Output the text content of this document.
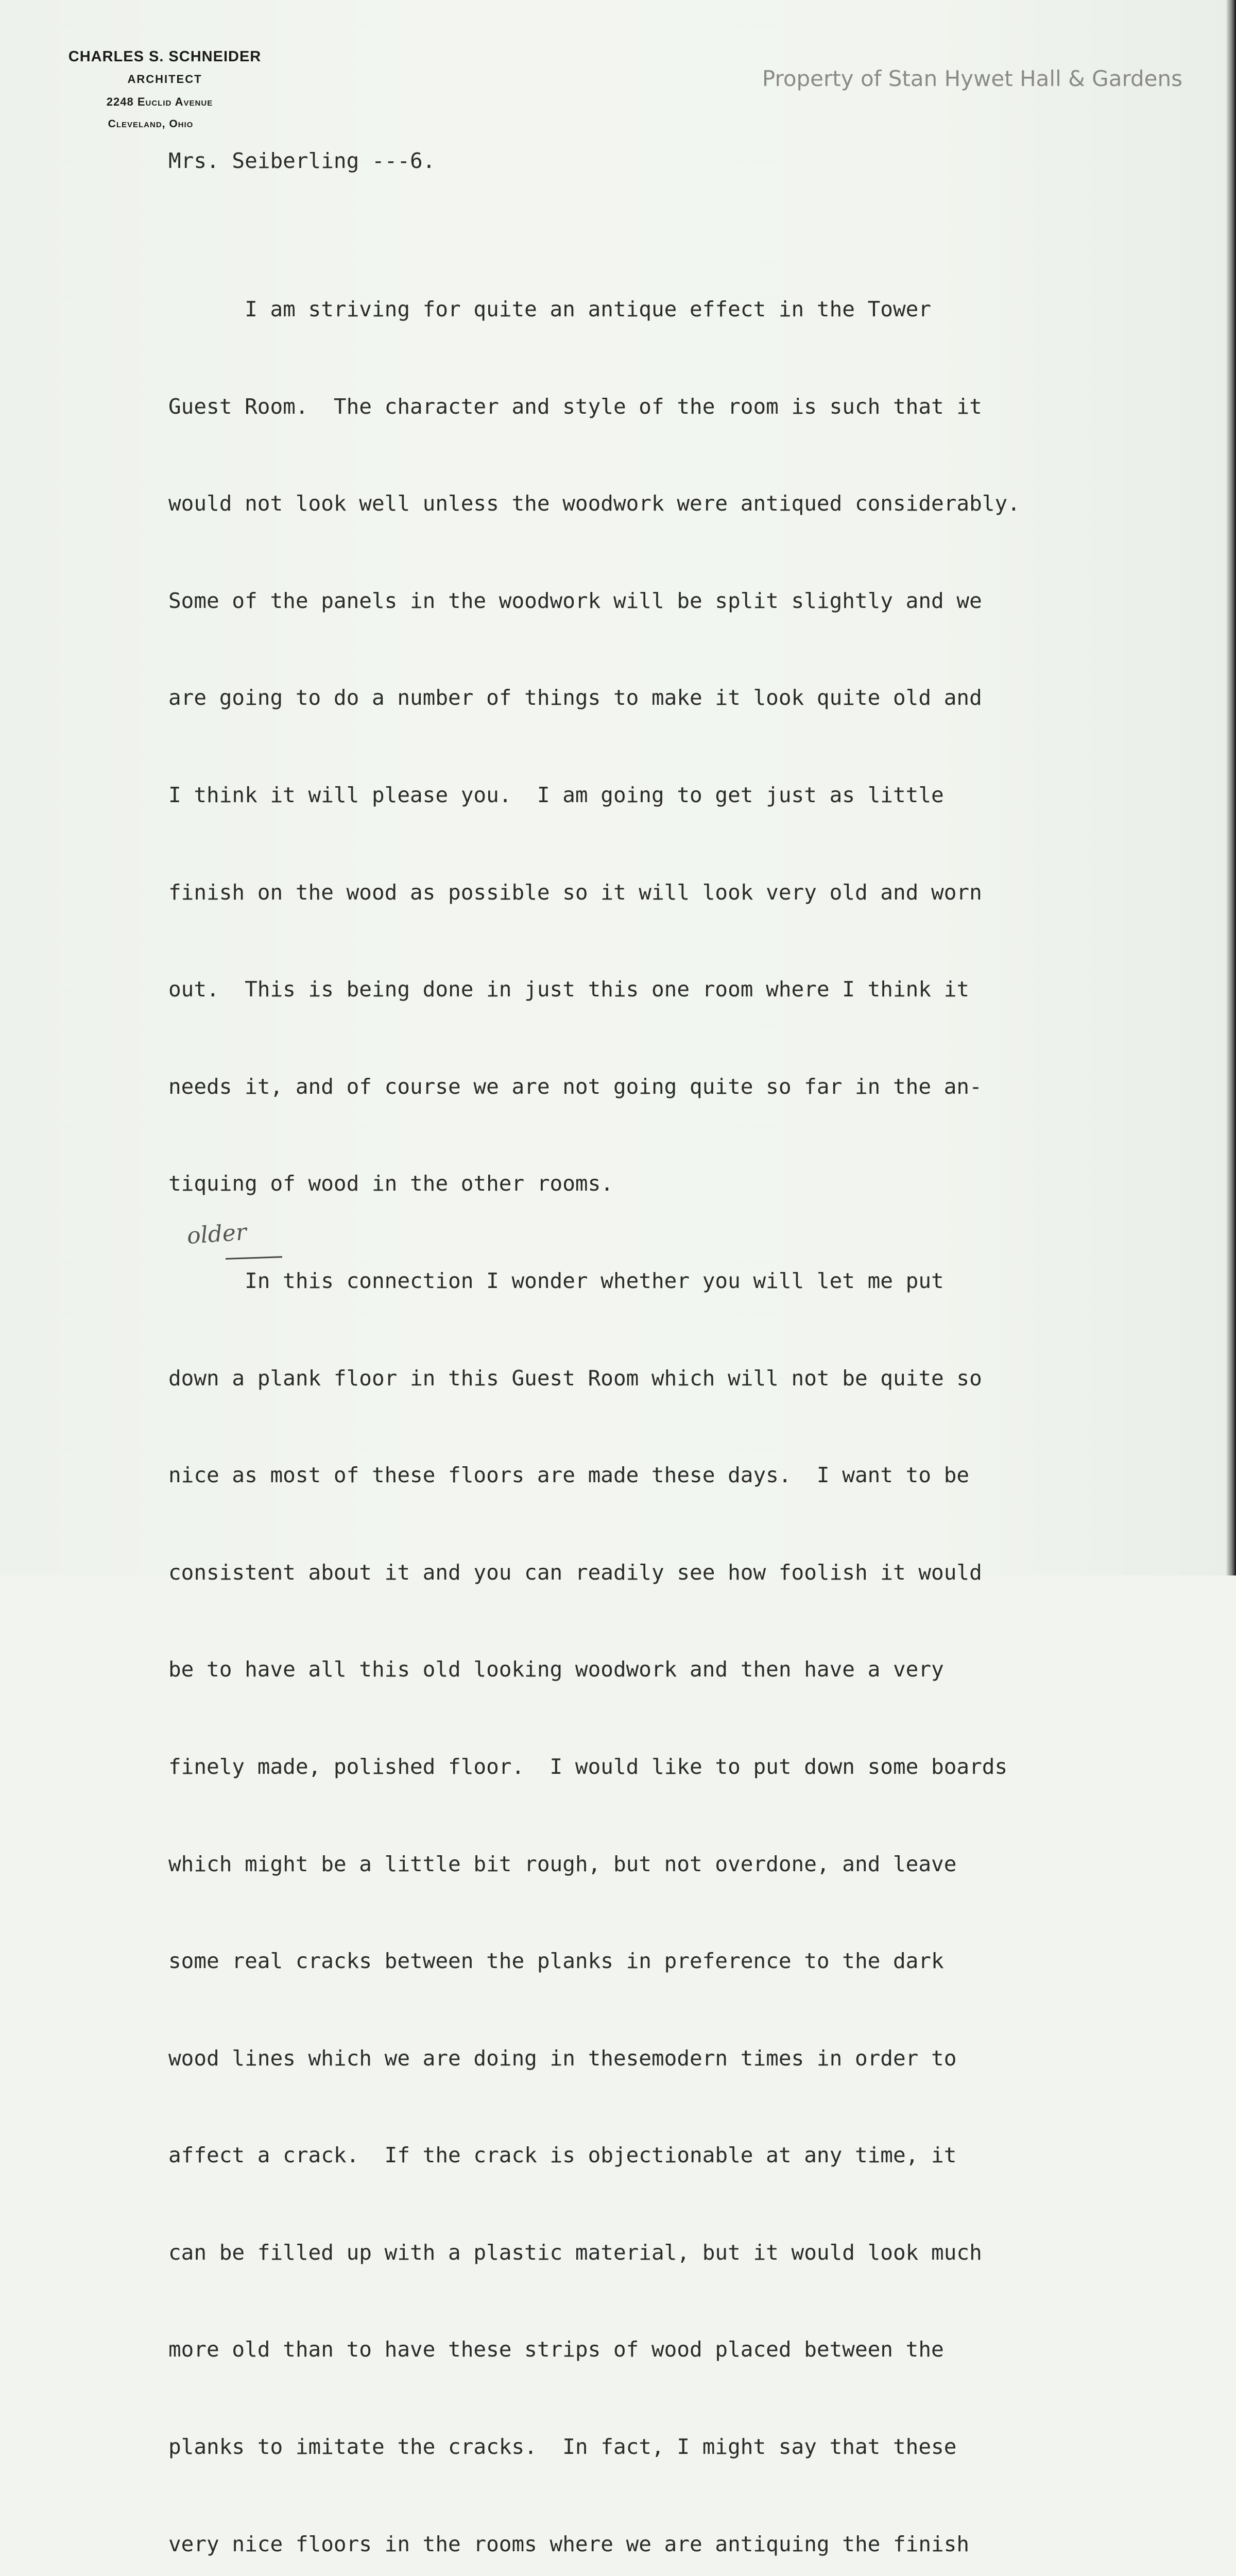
CHARLES S. SCHNEIDER
ARCHITECT
2248 Euclid Avenue
Cleveland, Ohio
Property of Stan Hywet Hall & Gardens
Mrs. Seiberling ---6.

I am striving for quite an antique effect in the Tower

Guest Room.  The character and style of the room is such that it

would not look well unless the woodwork were antiqued considerably.

Some of the panels in the woodwork will be split slightly and we

are going to do a number of things to make it look quite old and

I think it will please you.  I am going to get just as little

finish on the wood as possible so it will look very old and worn

out.  This is being done in just this one room where I think it

needs it, and of course we are not going quite so far in the an-

tiquing of wood in the other rooms.

In this connection I wonder whether you will let me put

down a plank floor in this Guest Room which will not be quite so

nice as most of these floors are made these days.  I want to be

consistent about it and you can readily see how foolish it would

be to have all this old looking woodwork and then have a very

finely made, polished floor.  I would like to put down some boards

which might be a little bit rough, but not overdone, and leave

some real cracks between the planks in preference to the dark

wood lines which we are doing in thesemodern times in order to

affect a crack.  If the crack is objectionable at any time, it

can be filled up with a plastic material, but it would look much

more old than to have these strips of wood placed between the

planks to imitate the cracks.  In fact, I might say that these

very nice floors in the rooms where we are antiquing the finish

older
